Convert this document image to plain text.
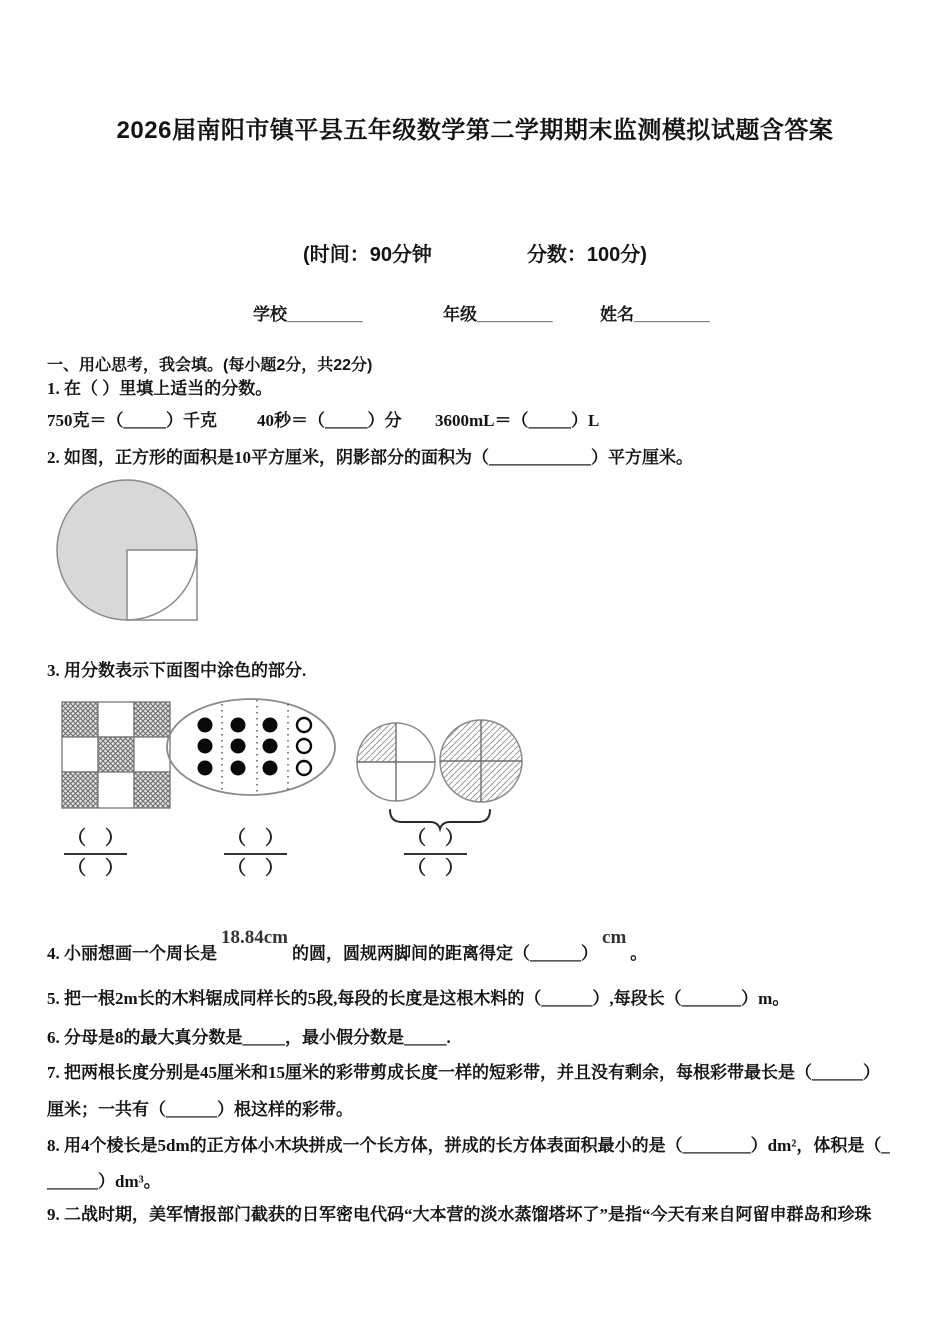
2026届南阳市镇平县五年级数学第二学期期末监测模拟试题含答案
(时间：90分钟	分数：100分)
学校________	年级________	姓名________
一、用心思考，我会填。(每小题2分，共22分)
1. 在（ ）里填上适当的分数。
750克＝（_____）千克 40秒＝（_____）分 3600mL＝（_____）L
2. 如图，正方形的面积是10平方厘米，阴影部分的面积为（____________）平方厘米。
3. 用分数表示下面图中涂色的部分.
（　）
（　）
（　）
（　）
（　）
（　）
4. 小丽想画一个周长是18.84cm的圆，圆规两脚间的距离得定（______）cm。
5. 把一根2m长的木料锯成同样长的5段,每段的长度是这根木料的（______）,每段长（_______）m。
6. 分母是8的最大真分数是_____，最小假分数是_____.
7. 把两根长度分别是45厘米和15厘米的彩带剪成长度一样的短彩带，并且没有剩余，每根彩带最长是（______）
厘米；一共有（______）根这样的彩带。
8. 用4个棱长是5dm的正方体小木块拼成一个长方体，拼成的长方体表面积最小的是（________）dm²，体积是（_
______）dm³。
9. 二战时期，美军情报部门截获的日军密电代码“大本营的淡水蒸馏塔坏了”是指“今天有来自阿留申群岛和珍珠
